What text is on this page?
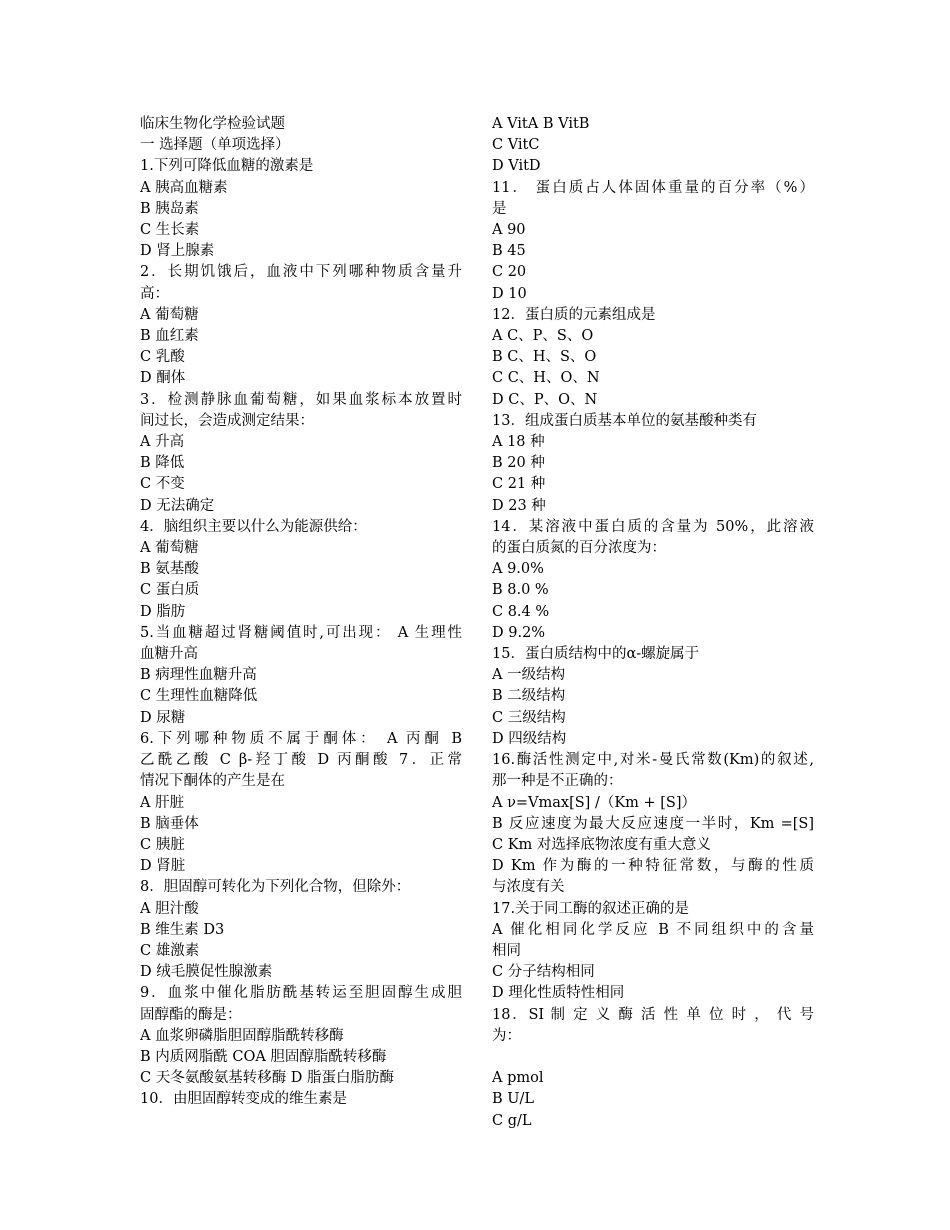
临床生物化学检验试题
一 选择题（单项选择）
1.下列可降低血糖的激素是
A 胰高血糖素
B 胰岛素
C 生长素
D 肾上腺素
2．长期饥饿后，血液中下列哪种物质含量升
高：
A 葡萄糖
B 血红素
C 乳酸
D 酮体
3．检测静脉血葡萄糖，如果血浆标本放置时
间过长，会造成测定结果：
A 升高
B 降低
C 不变
D 无法确定
4．脑组织主要以什么为能源供给：
A 葡萄糖
B 氨基酸
C 蛋白质
D 脂肪
5.当血糖超过肾糖阈值时,可出现： A 生理性
血糖升高
B 病理性血糖升高
C 生理性血糖降低
D 尿糖
6.下列哪种物质不属于酮体： A 丙酮 B
乙酰乙酸 C β-羟丁酸 D 丙酮酸 7．正常
情况下酮体的产生是在
A 肝脏
B 脑垂体
C 胰脏
D 肾脏
8．胆固醇可转化为下列化合物，但除外：
A 胆汁酸
B 维生素 D3
C 雄激素
D 绒毛膜促性腺激素
9．血浆中催化脂肪酰基转运至胆固醇生成胆
固醇酯的酶是：
A 血浆卵磷脂胆固醇脂酰转移酶
B 内质网脂酰 COA 胆固醇脂酰转移酶
C 天冬氨酸氨基转移酶 D 脂蛋白脂肪酶
10．由胆固醇转变成的维生素是
A VitA B VitB
C VitC
D VitD
11． 蛋白质占人体固体重量的百分率（%）
是
A 90
B 45
C 20
D 10
12．蛋白质的元素组成是
A C、P、S、O
B C、H、S、O
C C、H、O、N
D C、P、O、N
13．组成蛋白质基本单位的氨基酸种类有
A 18 种
B 20 种
C 21 种
D 23 种
14．某溶液中蛋白质的含量为 50%，此溶液
的蛋白质氮的百分浓度为：
A 9.0%
B 8.0 %
C 8.4 %
D 9.2%
15．蛋白质结构中的α-螺旋属于
A 一级结构
B 二级结构
C 三级结构
D 四级结构
16.酶活性测定中,对米-曼氏常数(Km)的叙述,
那一种是不正确的：
A ν=Vmax[S] /（Km + [S]）
B 反应速度为最大反应速度一半时，Km =[S]
C Km 对选择底物浓度有重大意义
D Km 作为酶的一种特征常数，与酶的性质
与浓度有关
17.关于同工酶的叙述正确的是
A 催化相同化学反应 B 不同组织中的含量
相同
C 分子结构相同
D 理化性质特性相同
18．SI 制 定 义 酶 活 性 单 位 时 ， 代 号
为：
A pmol
B U/L
C g/L
